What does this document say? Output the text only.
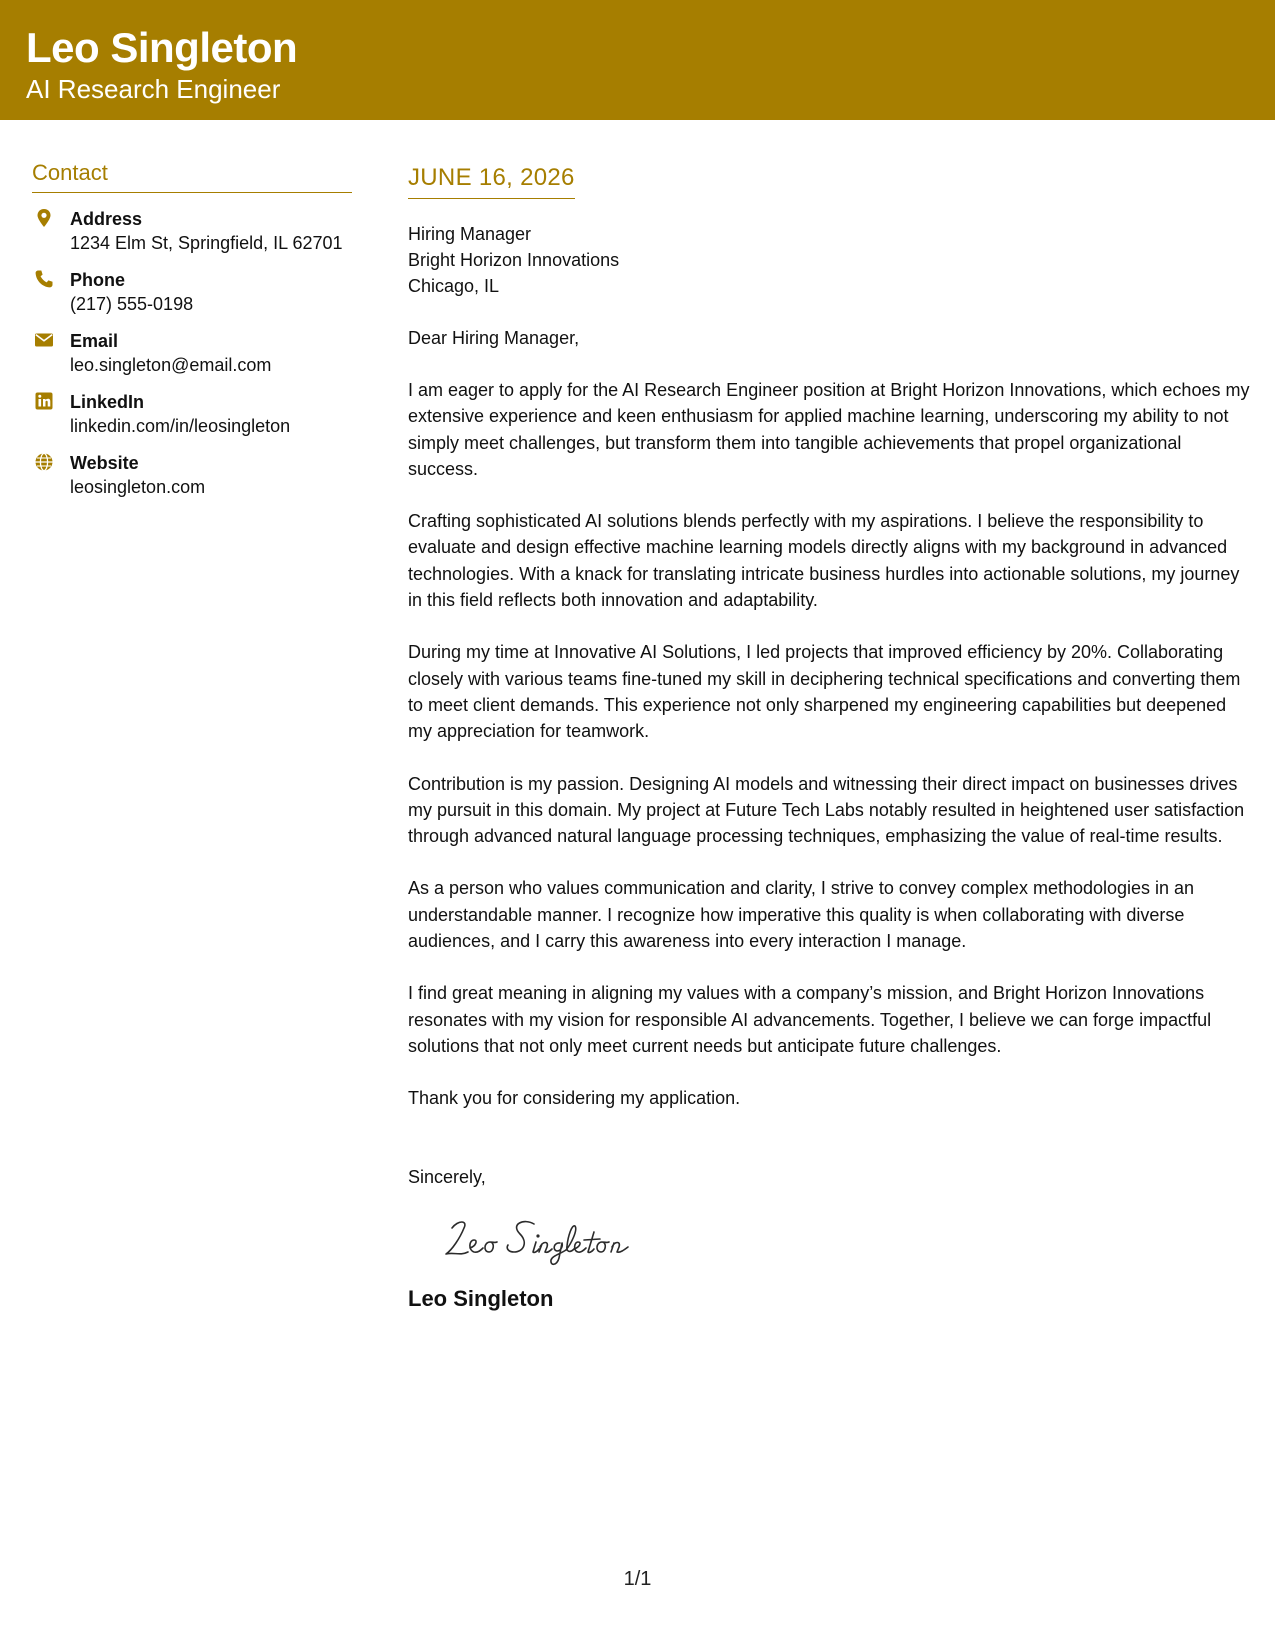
Leo Singleton
AI Research Engineer
Contact
Address
1234 Elm St, Springfield, IL 62701
Phone
(217) 555-0198
Email
leo.singleton@email.com
LinkedIn
linkedin.com/in/leosingleton
Website
leosingleton.com
JUNE 16, 2026
Hiring Manager
Bright Horizon Innovations
Chicago, IL
Dear Hiring Manager,
I am eager to apply for the AI Research Engineer position at Bright Horizon Innovations, which echoes my extensive experience and keen enthusiasm for applied machine learning, underscoring my ability to not simply meet challenges, but transform them into tangible achievements that propel organizational success.
Crafting sophisticated AI solutions blends perfectly with my aspirations. I believe the responsibility to evaluate and design effective machine learning models directly aligns with my background in advanced technologies. With a knack for translating intricate business hurdles into actionable solutions, my journey in this field reflects both innovation and adaptability.
During my time at Innovative AI Solutions, I led projects that improved efficiency by 20%. Collaborating closely with various teams fine-tuned my skill in deciphering technical specifications and converting them to meet client demands. This experience not only sharpened my engineering capabilities but deepened my appreciation for teamwork.
Contribution is my passion. Designing AI models and witnessing their direct impact on businesses drives my pursuit in this domain. My project at Future Tech Labs notably resulted in heightened user satisfaction through advanced natural language processing techniques, emphasizing the value of real-time results.
As a person who values communication and clarity, I strive to convey complex methodologies in an understandable manner. I recognize how imperative this quality is when collaborating with diverse audiences, and I carry this awareness into every interaction I manage.
I find great meaning in aligning my values with a company’s mission, and Bright Horizon Innovations resonates with my vision for responsible AI advancements. Together, I believe we can forge impactful solutions that not only meet current needs but anticipate future challenges.
Thank you for considering my application.
Sincerely,
Leo Singleton
1/1
